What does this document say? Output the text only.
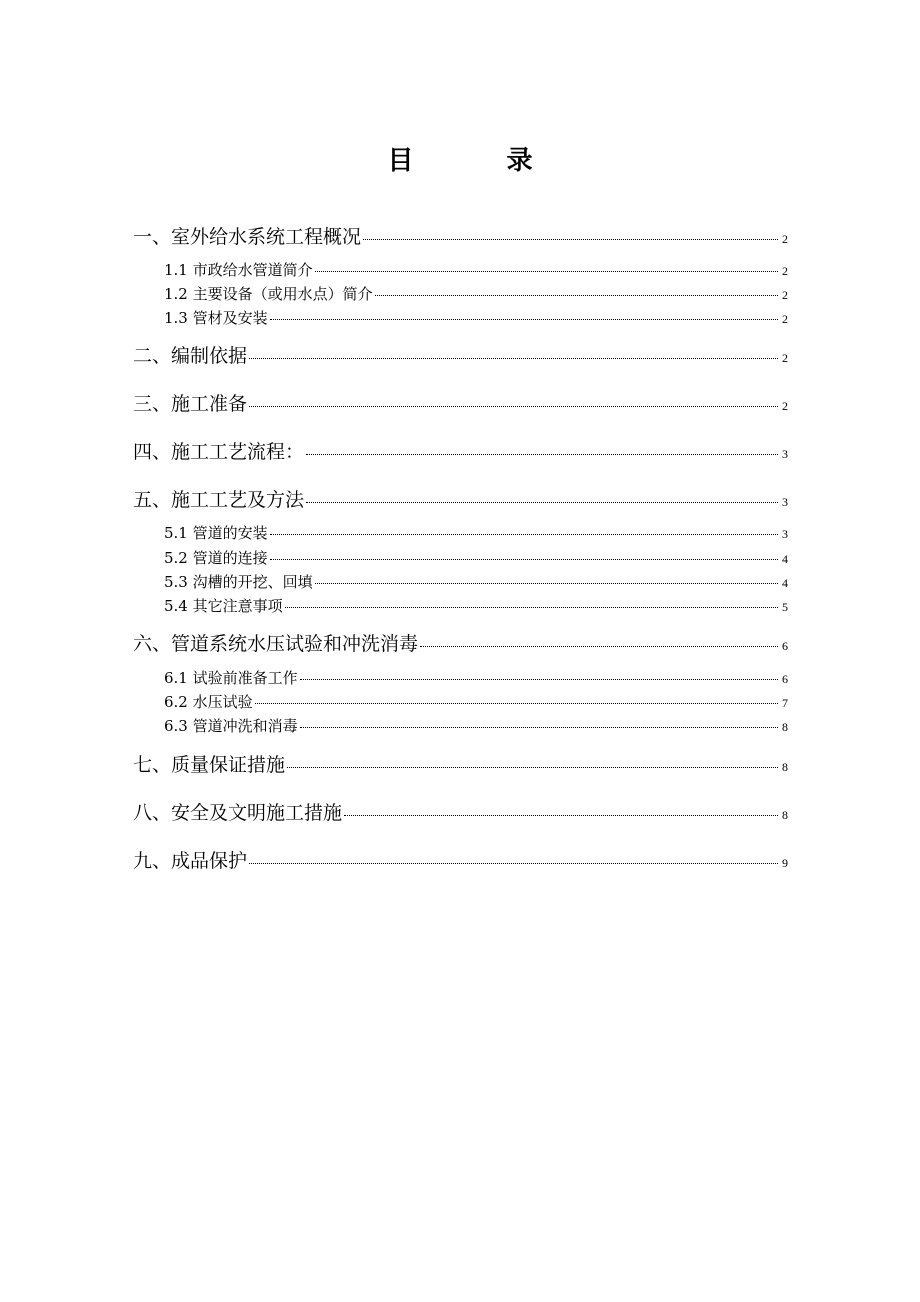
目 录
一、室外给水系统工程概况	2
1.1 市政给水管道简介	2
1.2 主要设备（或用水点）简介	2
1.3 管材及安装	2
二、编制依据	2
三、施工准备	2
四、施工工艺流程：	3
五、施工工艺及方法	3
5.1 管道的安装	3
5.2 管道的连接	4
5.3 沟槽的开挖、回填	4
5.4 其它注意事项	5
六、管道系统水压试验和冲洗消毒	6
6.1 试验前准备工作	6
6.2 水压试验	7
6.3 管道冲洗和消毒	8
七、质量保证措施	8
八、安全及文明施工措施	8
九、成品保护	9
